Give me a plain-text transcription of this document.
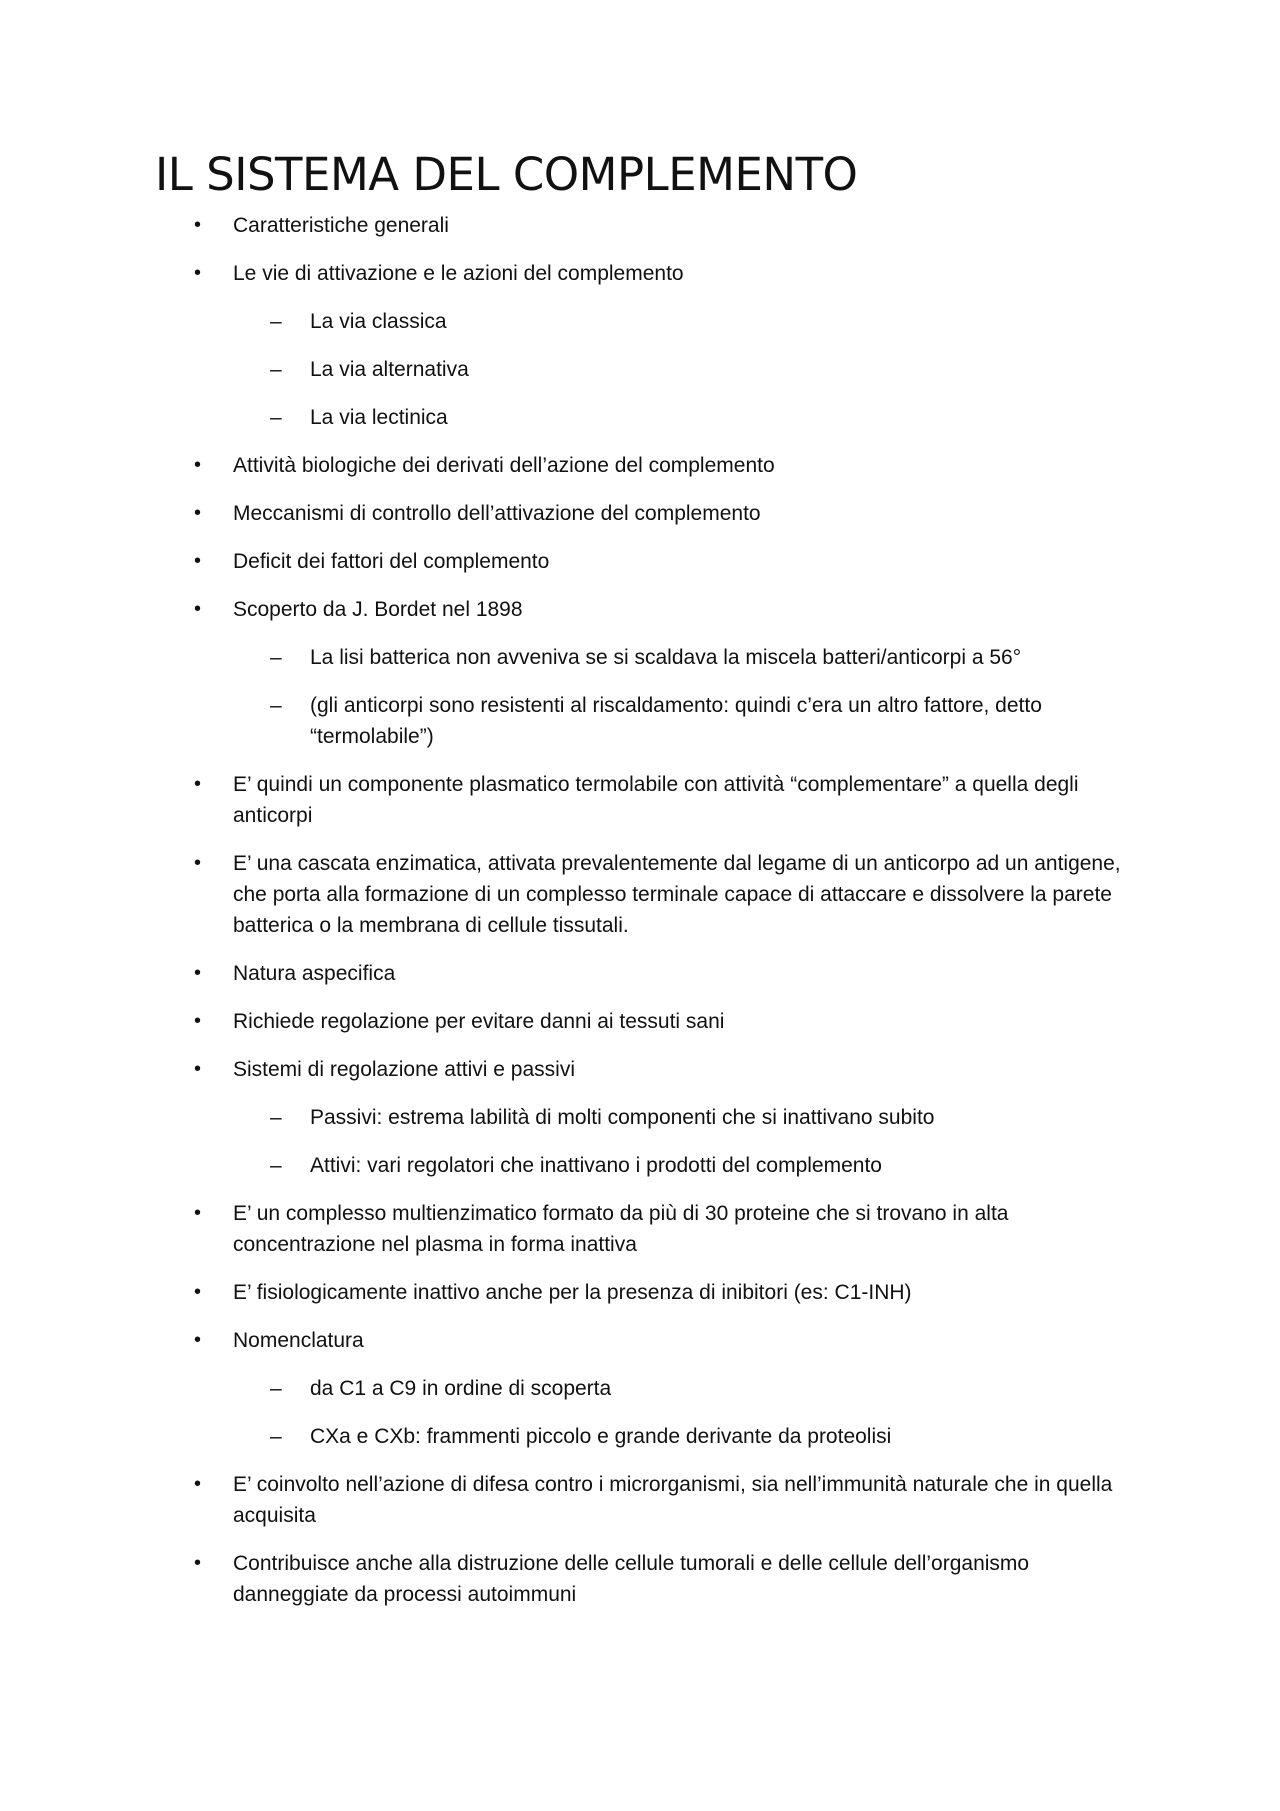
IL SISTEMA DEL COMPLEMENTO
• Caratteristiche generali
• Le vie di attivazione e le azioni del complemento
– La via classica
– La via alternativa
– La via lectinica
• Attività biologiche dei derivati dell’azione del complemento
• Meccanismi di controllo dell’attivazione del complemento
• Deficit dei fattori del complemento
• Scoperto da J. Bordet nel 1898
– La lisi batterica non avveniva se si scaldava la miscela batteri/anticorpi a 56°
– (gli anticorpi sono resistenti al riscaldamento: quindi c’era un altro fattore, detto “termolabile”)
• E’ quindi un componente plasmatico termolabile con attività “complementare” a quella degli anticorpi
• E’ una cascata enzimatica, attivata prevalentemente dal legame di un anticorpo ad un antigene, che porta alla formazione di un complesso terminale capace di attaccare e dissolvere la parete batterica o la membrana di cellule tissutali.
• Natura aspecifica
• Richiede regolazione per evitare danni ai tessuti sani
• Sistemi di regolazione attivi e passivi
– Passivi: estrema labilità di molti componenti che si inattivano subito
– Attivi: vari regolatori che inattivano i prodotti del complemento
• E’ un complesso multienzimatico formato da più di 30 proteine che si trovano in alta concentrazione nel plasma in forma inattiva
• E’ fisiologicamente inattivo anche per la presenza di inibitori (es: C1-INH)
• Nomenclatura
– da C1 a C9 in ordine di scoperta
– CXa e CXb: frammenti piccolo e grande derivante da proteolisi
• E’ coinvolto nell’azione di difesa contro i microrganismi, sia nell’immunità naturale che in quella acquisita
• Contribuisce anche alla distruzione delle cellule tumorali e delle cellule dell’organismo danneggiate da processi autoimmuni
